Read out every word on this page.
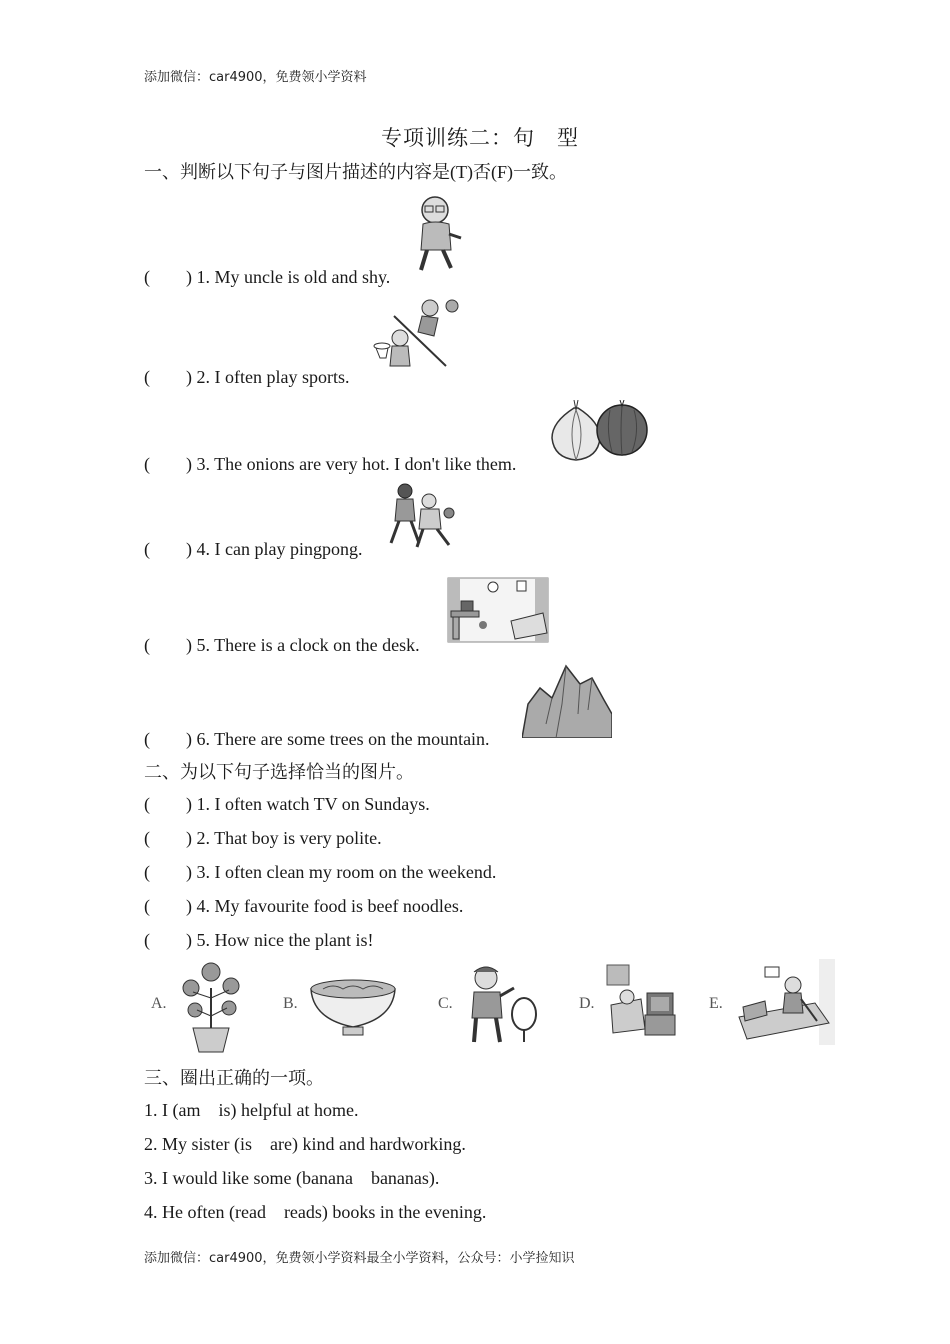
添加微信：car4900，免费领小学资料
专项训练二：句　型
一、判断以下句子与图片描述的内容是(T)否(F)一致。
(　　) 1. My uncle is old and shy.
(　　) 2. I often play sports.
(　　) 3. The onions are very hot. I don't like them.
(　　) 4. I can play pingpong.
(　　) 5. There is a clock on the desk.
(　　) 6. There are some trees on the mountain.
二、为以下句子选择恰当的图片。
(　　) 1. I often watch TV on Sundays.
(　　) 2. That boy is very polite.
(　　) 3. I often clean my room on the weekend.
(　　) 4. My favourite food is beef noodles.
(　　) 5. How nice the plant is!
A.	B.	C.	D.	E.
三、圈出正确的一项。
1. I (am　is) helpful at home.
2. My sister (is　are) kind and hardworking.
3. I would like some (banana　bananas).
4. He often (read　reads) books in the evening.
添加微信：car4900，免费领小学资料最全小学资料，公众号：小学捡知识
